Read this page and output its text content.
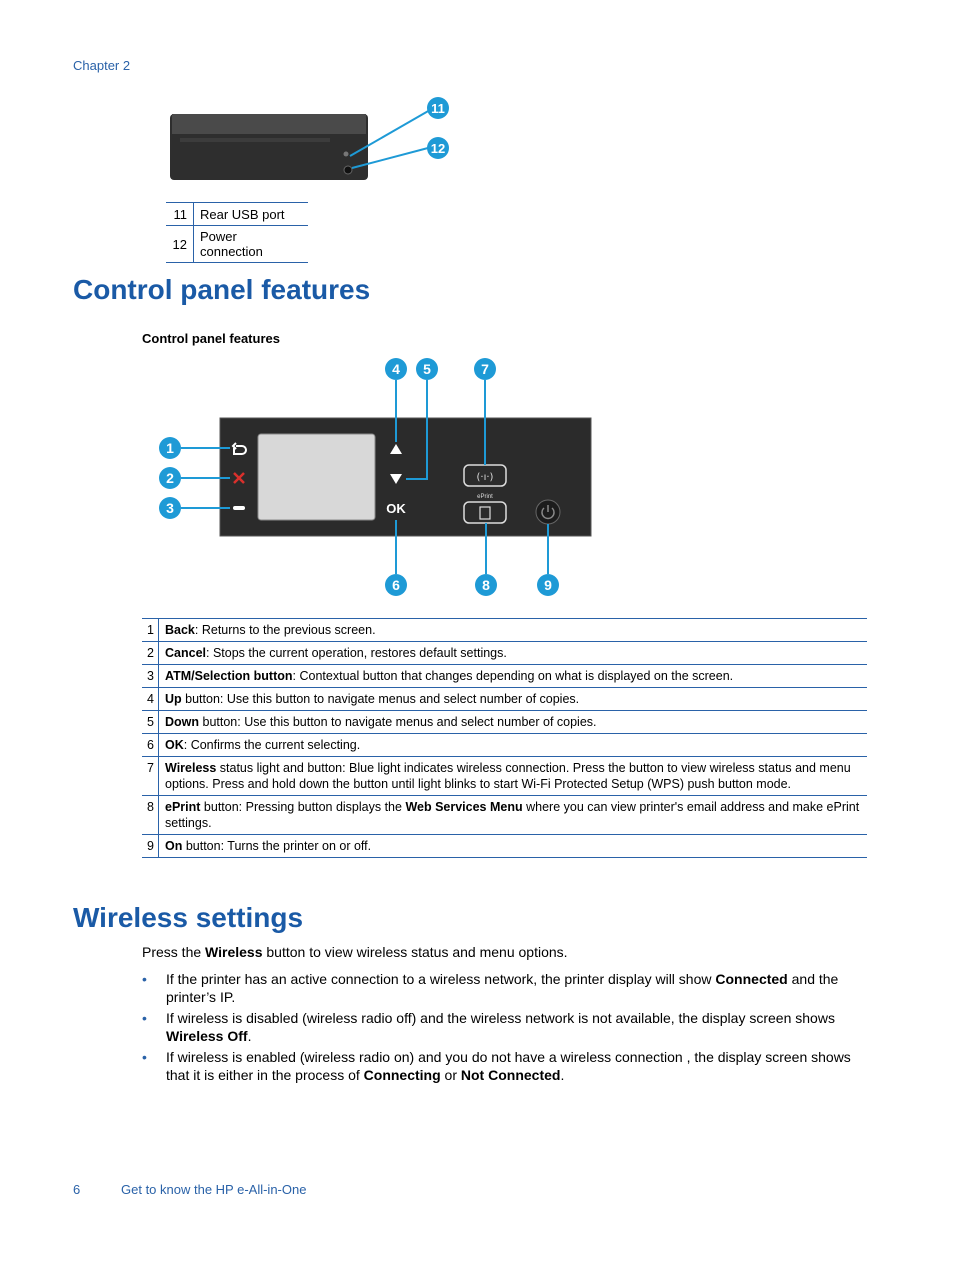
Chapter 2
11
12
11	Rear USB port
12	Power connection
Control panel features
Control panel features
OK
(·ı·)
ePrint
1
2
3
4 5
6
7
8	9
1	Back: Returns to the previous screen.
2	Cancel: Stops the current operation, restores default settings.
3	ATM/Selection button: Contextual button that changes depending on what is displayed on the screen.
4	Up button: Use this button to navigate menus and select number of copies.
5	Down button: Use this button to navigate menus and select number of copies.
6	OK: Confirms the current selecting.
7	Wireless status light and button: Blue light indicates wireless connection. Press the button to view wireless status and menu options. Press and hold down the button until light blinks to start Wi-Fi Protected Setup (WPS) push button mode.
8	ePrint button: Pressing button displays the Web Services Menu where you can view printer's email address and make ePrint settings.
9	On button: Turns the printer on or off.
Wireless settings
Press the Wireless button to view wireless status and menu options.
• If the printer has an active connection to a wireless network, the printer display will show Connected and the printer’s IP.
• If wireless is disabled (wireless radio off) and the wireless network is not available, the display screen shows Wireless Off.
• If wireless is enabled (wireless radio on) and you do not have a wireless connection , the display screen shows that it is either in the process of Connecting or Not Connected.
6	Get to know the HP e-All-in-One
